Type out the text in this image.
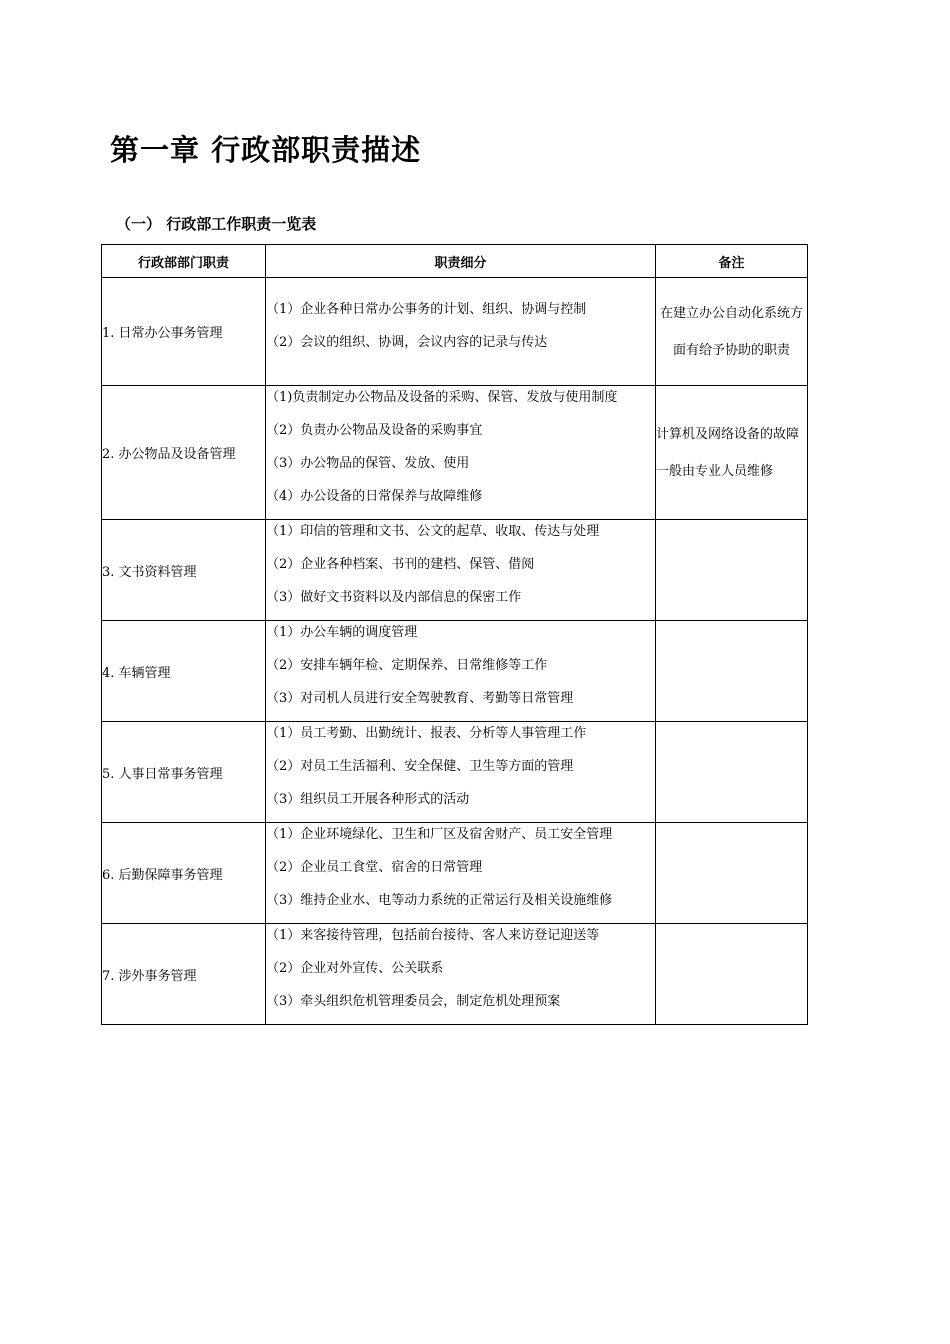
第一章 行政部职责描述
（一） 行政部工作职责一览表
行政部部门职责	职责细分	备注
1. 日常办公事务管理	（1）企业各种日常办公事务的计划、组织、协调与控制
（2）会议的组织、协调，会议内容的记录与传达	在建立办公自动化系统方面有给予协助的职责
2. 办公物品及设备管理	（1)负责制定办公物品及设备的采购、保管、发放与使用制度
（2）负责办公物品及设备的采购事宜
（3）办公物品的保管、发放、使用
（4）办公设备的日常保养与故障维修	计算机及网络设备的故障一般由专业人员维修
3. 文书资料管理	（1）印信的管理和文书、公文的起草、收取、传达与处理
（2）企业各种档案、书刊的建档、保管、借阅
（3）做好文书资料以及内部信息的保密工作	

4. 车辆管理	（1）办公车辆的调度管理
（2）安排车辆年检、定期保养、日常维修等工作
（3）对司机人员进行安全驾驶教育、考勤等日常管理	

5. 人事日常事务管理	（1）员工考勤、出勤统计、报表、分析等人事管理工作
（2）对员工生活福利、安全保健、卫生等方面的管理
（3）组织员工开展各种形式的活动	

6. 后勤保障事务管理	（1）企业环境绿化、卫生和厂区及宿舍财产、员工安全管理
（2）企业员工食堂、宿舍的日常管理
（3）维持企业水、电等动力系统的正常运行及相关设施维修	

7. 涉外事务管理	（1）来客接待管理，包括前台接待、客人来访登记迎送等
（2）企业对外宣传、公关联系
（3）牵头组织危机管理委员会，制定危机处理预案	
